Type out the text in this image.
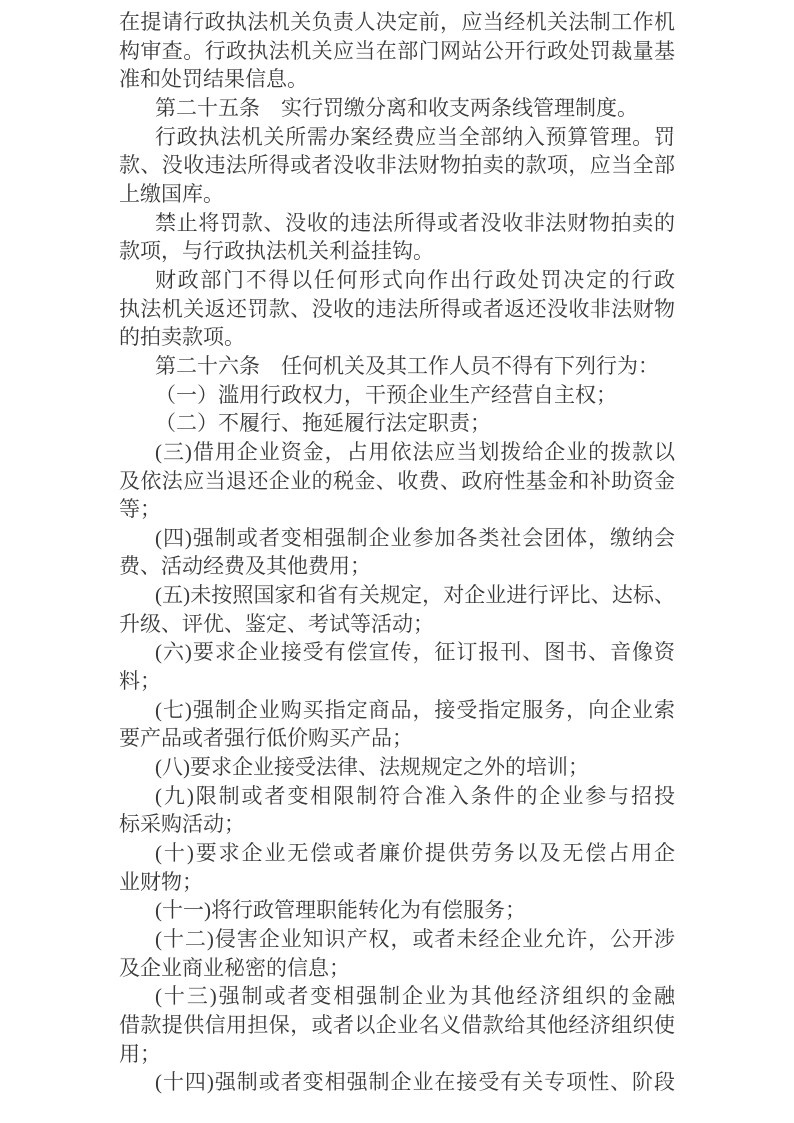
在提请行政执法机关负责人决定前，应当经机关法制工作机
构审查。行政执法机关应当在部门网站公开行政处罚裁量基
准和处罚结果信息。
第二十五条　实行罚缴分离和收支两条线管理制度。
行政执法机关所需办案经费应当全部纳入预算管理。罚
款、没收违法所得或者没收非法财物拍卖的款项，应当全部
上缴国库。
禁止将罚款、没收的违法所得或者没收非法财物拍卖的
款项，与行政执法机关利益挂钩。
财政部门不得以任何形式向作出行政处罚决定的行政
执法机关返还罚款、没收的违法所得或者返还没收非法财物
的拍卖款项。
第二十六条　任何机关及其工作人员不得有下列行为：
（一）滥用行政权力，干预企业生产经营自主权；
（二）不履行、拖延履行法定职责；
(三)借用企业资金，占用依法应当划拨给企业的拨款以
及依法应当退还企业的税金、收费、政府性基金和补助资金
等；
(四)强制或者变相强制企业参加各类社会团体，缴纳会
费、活动经费及其他费用；
(五)未按照国家和省有关规定，对企业进行评比、达标、
升级、评优、鉴定、考试等活动；
(六)要求企业接受有偿宣传，征订报刊、图书、音像资
料；
(七)强制企业购买指定商品，接受指定服务，向企业索
要产品或者强行低价购买产品；
(八)要求企业接受法律、法规规定之外的培训；
(九)限制或者变相限制符合准入条件的企业参与招投
标采购活动；
(十)要求企业无偿或者廉价提供劳务以及无偿占用企
业财物；
(十一)将行政管理职能转化为有偿服务；
(十二)侵害企业知识产权，或者未经企业允许，公开涉
及企业商业秘密的信息；
(十三)强制或者变相强制企业为其他经济组织的金融
借款提供信用担保，或者以企业名义借款给其他经济组织使
用；
(十四)强制或者变相强制企业在接受有关专项性、阶段
